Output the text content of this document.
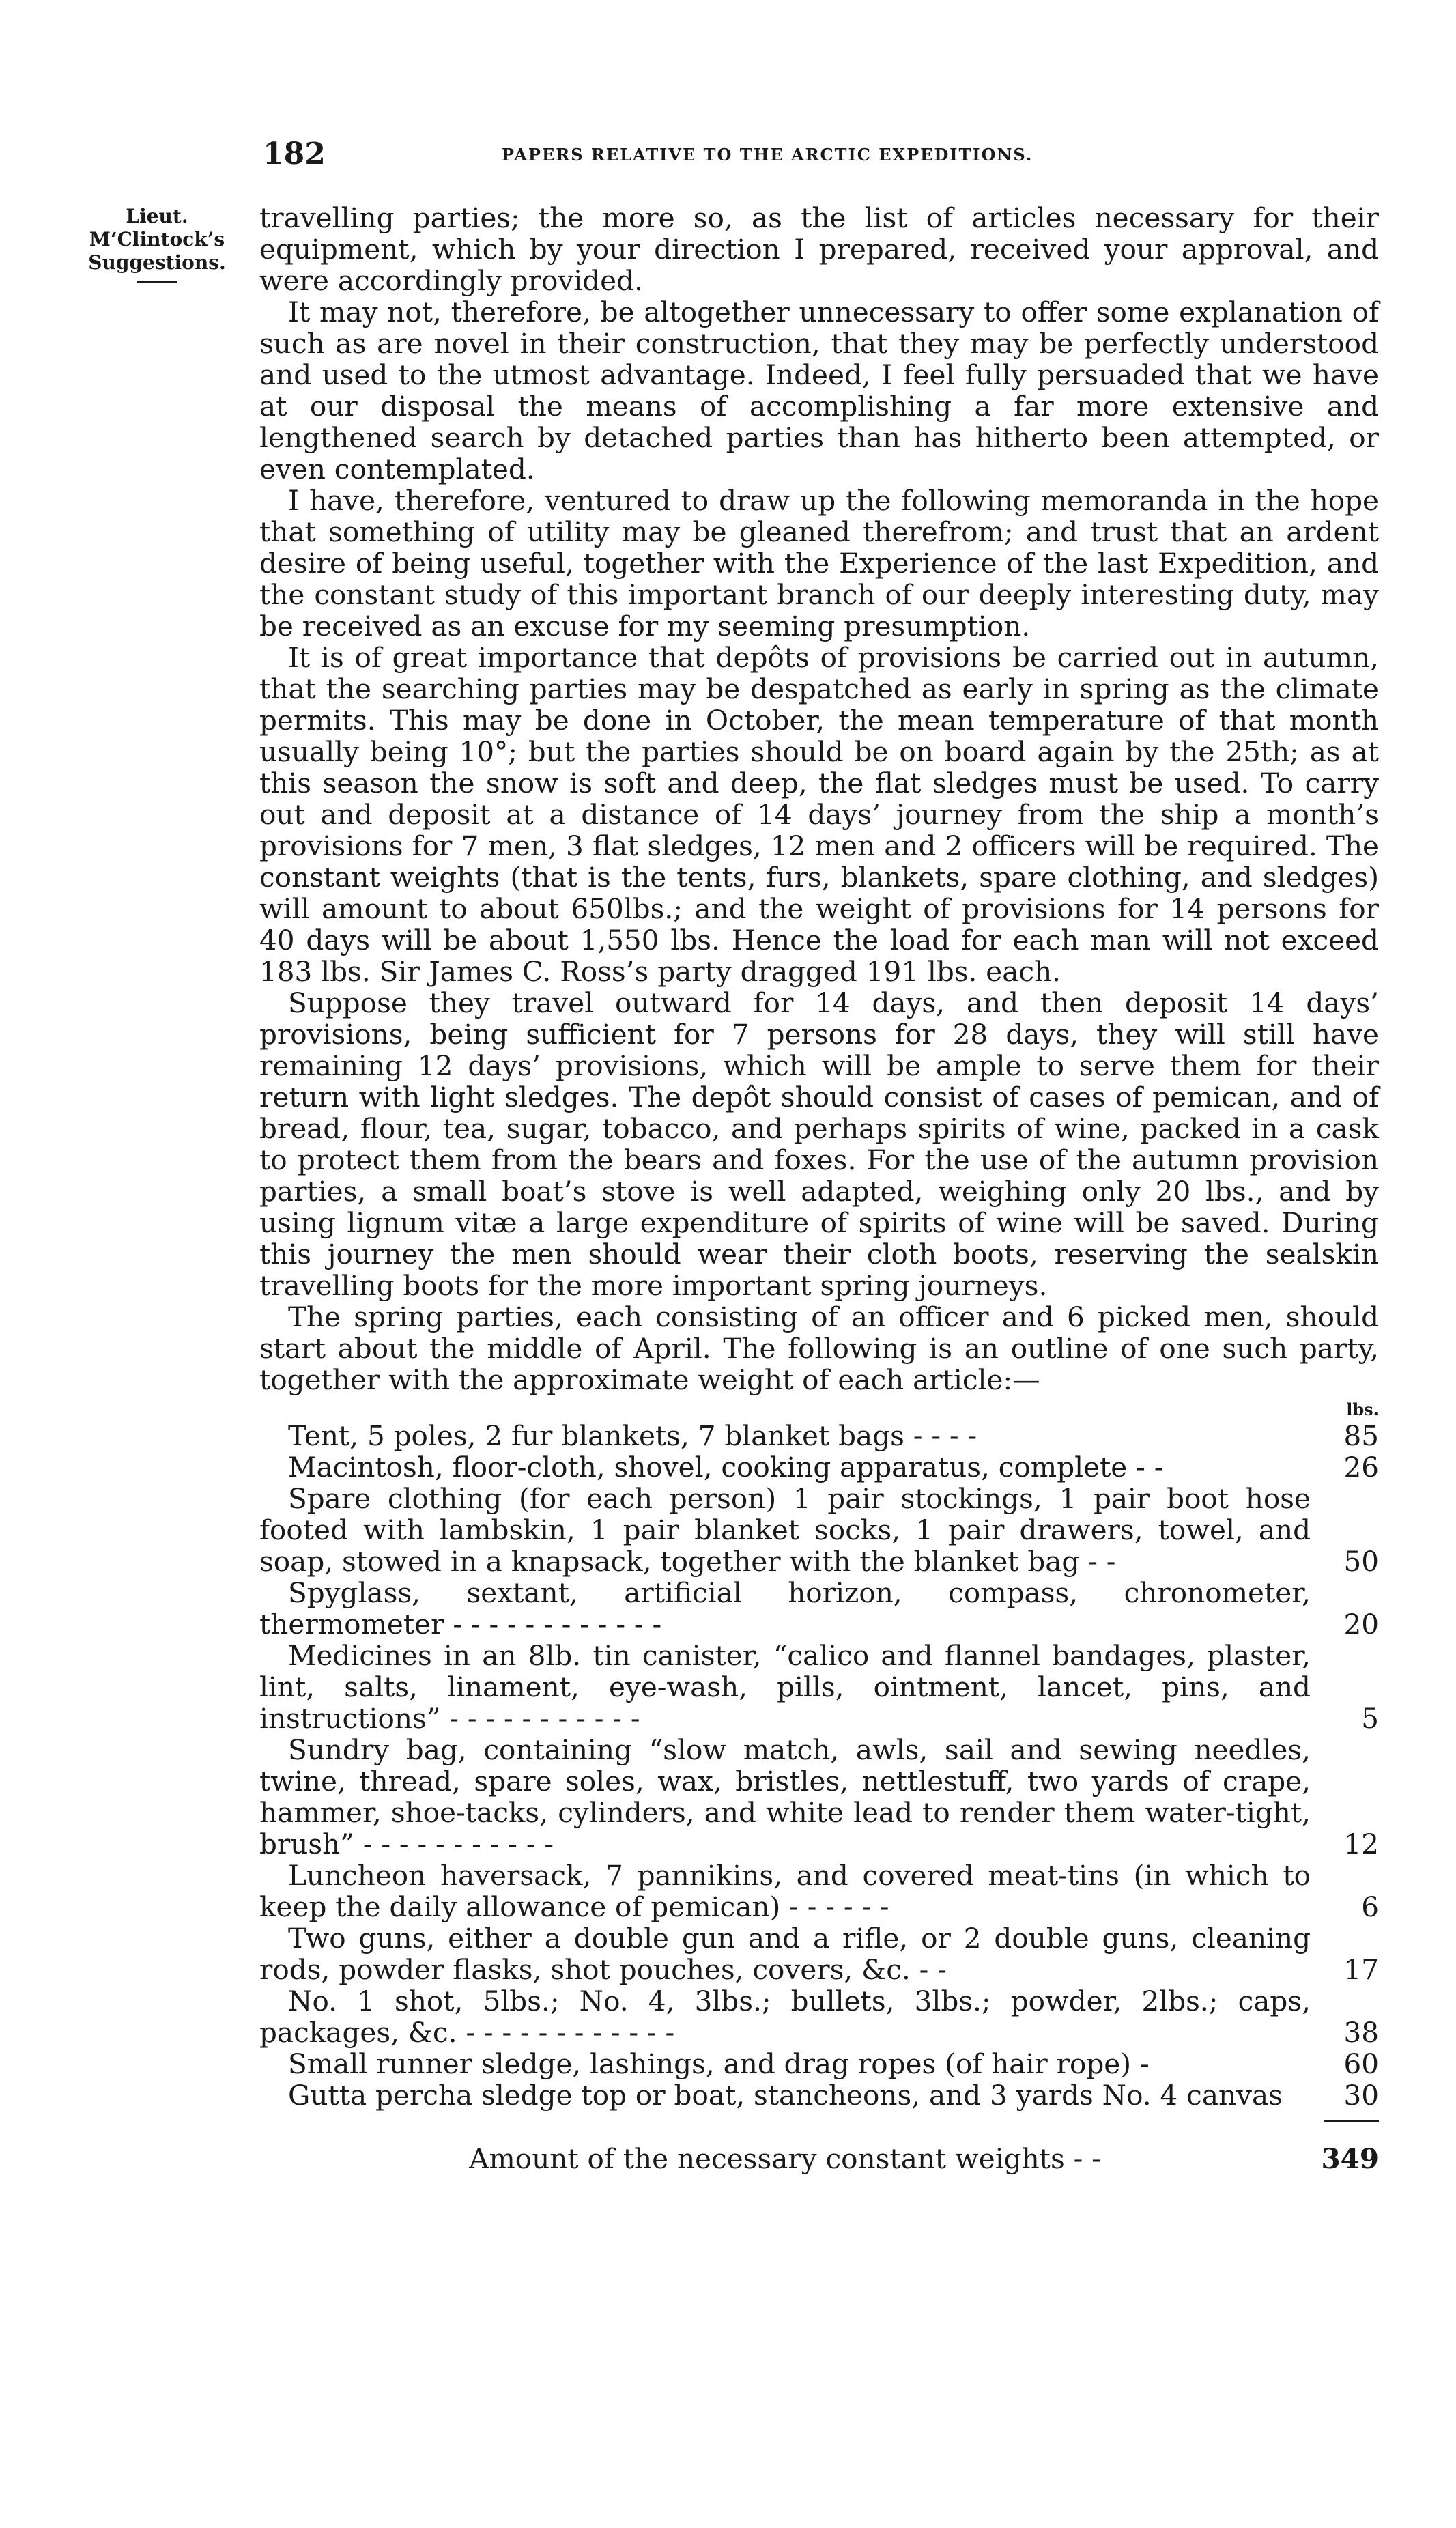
182	PAPERS RELATIVE TO THE ARCTIC EXPEDITIONS.
Lieut.
M‘Clintock’s
Suggestions.

travelling parties; the more so, as the list of articles necessary for their equipment, which by your direction I prepared, received your approval, and were accordingly provided.

It may not, therefore, be altogether unnecessary to offer some explanation of such as are novel in their construction, that they may be perfectly understood and used to the utmost advantage. Indeed, I feel fully persuaded that we have at our disposal the means of accomplishing a far more extensive and lengthened search by detached parties than has hitherto been attempted, or even contemplated.

I have, therefore, ventured to draw up the following memoranda in the hope that something of utility may be gleaned therefrom; and trust that an ardent desire of being useful, together with the Experience of the last Expedition, and the constant study of this important branch of our deeply interesting duty, may be received as an excuse for my seeming presumption.

It is of great importance that depôts of provisions be carried out in autumn, that the searching parties may be despatched as early in spring as the climate permits. This may be done in October, the mean temperature of that month usually being 10°; but the parties should be on board again by the 25th; as at this season the snow is soft and deep, the flat sledges must be used. To carry out and deposit at a distance of 14 days’ journey from the ship a month’s provisions for 7 men, 3 flat sledges, 12 men and 2 officers will be required. The constant weights (that is the tents, furs, blankets, spare clothing, and sledges) will amount to about 650lbs.; and the weight of provisions for 14 persons for 40 days will be about 1,550 lbs. Hence the load for each man will not exceed 183 lbs. Sir James C. Ross’s party dragged 191 lbs. each.

Suppose they travel outward for 14 days, and then deposit 14 days’ provisions, being sufficient for 7 persons for 28 days, they will still have remaining 12 days’ provisions, which will be ample to serve them for their return with light sledges. The depôt should consist of cases of pemican, and of bread, flour, tea, sugar, tobacco, and perhaps spirits of wine, packed in a cask to protect them from the bears and foxes. For the use of the autumn provision parties, a small boat’s stove is well adapted, weighing only 20 lbs., and by using lignum vitæ a large expenditure of spirits of wine will be saved. During this journey the men should wear their cloth boots, reserving the sealskin travelling boots for the more important spring journeys.

The spring parties, each consisting of an officer and 6 picked men, should start about the middle of April. The following is an outline of one such party, together with the approximate weight of each article:—

lbs.
Tent, 5 poles, 2 fur blankets, 7 blanket bags - - - -	85
Macintosh, floor-cloth, shovel, cooking apparatus, complete - -	26
Spare clothing (for each person) 1 pair stockings, 1 pair boot hose footed with lambskin, 1 pair blanket socks, 1 pair drawers, towel, and soap, stowed in a knapsack, together with the blanket bag - -	50
Spyglass, sextant, artificial horizon, compass, chronometer, thermometer - - - - - - - - - - - -	20
Medicines in an 8lb. tin canister, “calico and flannel bandages, plaster, lint, salts, linament, eye-wash, pills, ointment, lancet, pins, and instructions” - - - - - - - - - - -	5
Sundry bag, containing “slow match, awls, sail and sewing needles, twine, thread, spare soles, wax, bristles, nettlestuff, two yards of crape, hammer, shoe-tacks, cylinders, and white lead to render them water-tight, brush” - - - - - - - - - - -	12
Luncheon haversack, 7 pannikins, and covered meat-tins (in which to keep the daily allowance of pemican) - - - - - -	6
Two guns, either a double gun and a rifle, or 2 double guns, cleaning rods, powder flasks, shot pouches, covers, &c. - -	17
No. 1 shot, 5lbs.; No. 4, 3lbs.; bullets, 3lbs.; powder, 2lbs.; caps, packages, &c. - - - - - - - - - - - -	38
Small runner sledge, lashings, and drag ropes (of hair rope) -	60
Gutta percha sledge top or boat, stancheons, and 3 yards No. 4 canvas	30
Amount of the necessary constant weights - -	349
